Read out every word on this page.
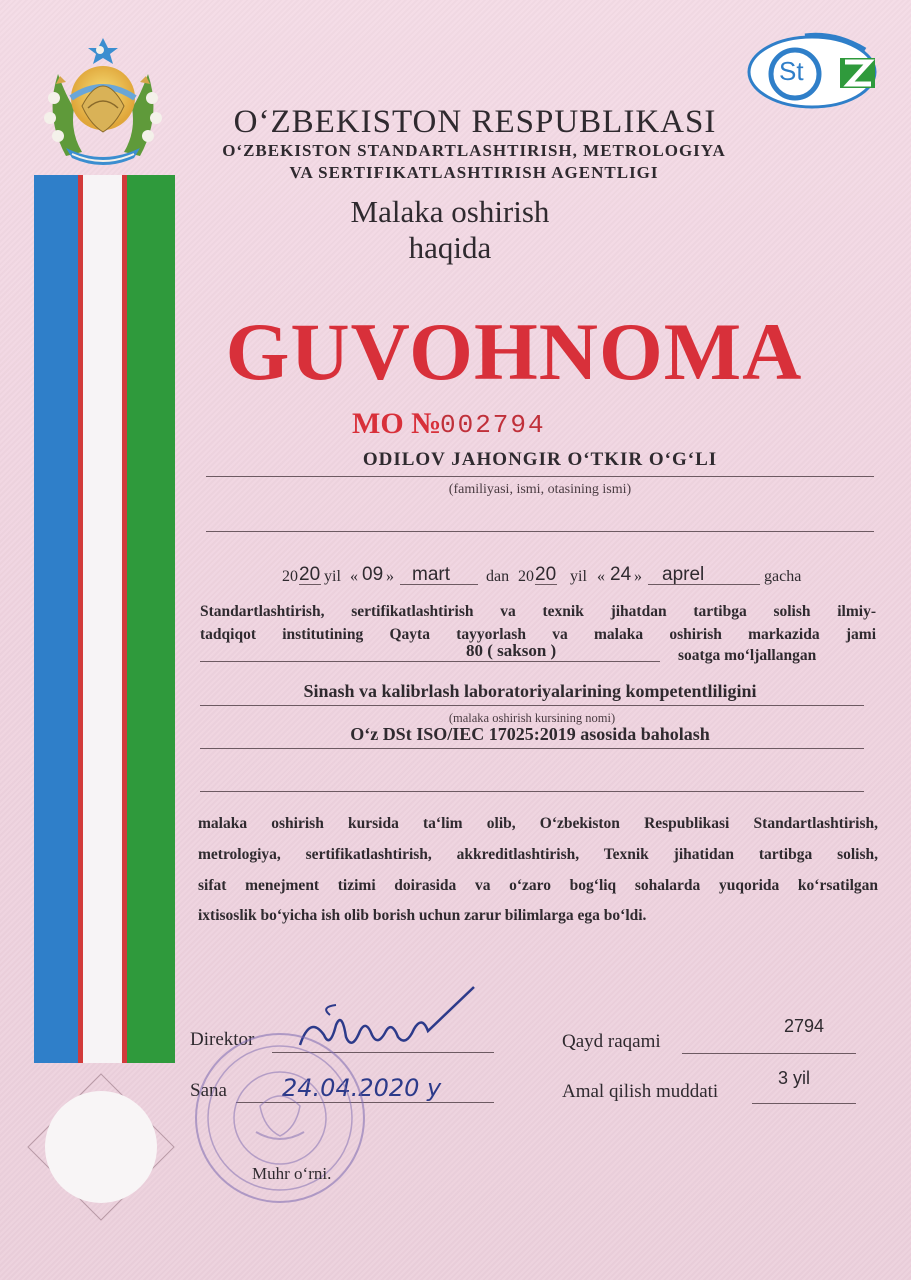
St
O‘ZBEKISTON RESPUBLIKASI
O‘ZBEKISTON STANDARTLASHTIRISH, METROLOGIYA
VA SERTIFIKATLASHTIRISH AGENTLIGI
Malaka oshirish
haqida
GUVOHNOMA
MO №
002794
ODILOV JAHONGIR O‘TKIR O‘G‘LI
(familiyasi, ismi, otasining ismi)
20 20 yil « 09 » mart dan 20 20 yil « 24 » aprel	gacha
Standartlashtirish, sertifikatlashtirish va texnik jihatdan tartibga solish ilmiy-
tadqiqot institutining Qayta tayyorlash va malaka oshirish markazida jami
80 ( sakson )	soatga mo‘ljallangan
Sinash va kalibrlash laboratoriyalarining kompetentliligini
(malaka oshirish kursining nomi)
O‘z DSt ISO/IEC 17025:2019 asosida baholash
malaka oshirish kursida ta‘lim olib, O‘zbekiston Respublikasi Standartlashtirish,
metrologiya, sertifikatlashtirish, akkreditlashtirish, Texnik jihatidan tartibga solish,
sifat menejment tizimi doirasida va o‘zaro bog‘liq sohalarda yuqorida ko‘rsatilgan
ixtisoslik bo‘yicha ish olib borish uchun zarur bilimlarga ega bo‘ldi.
Direktor
Sana 24.04.2020 y
Muhr o‘rni.
Qayd raqami
2794
Amal qilish muddati
3 yil
